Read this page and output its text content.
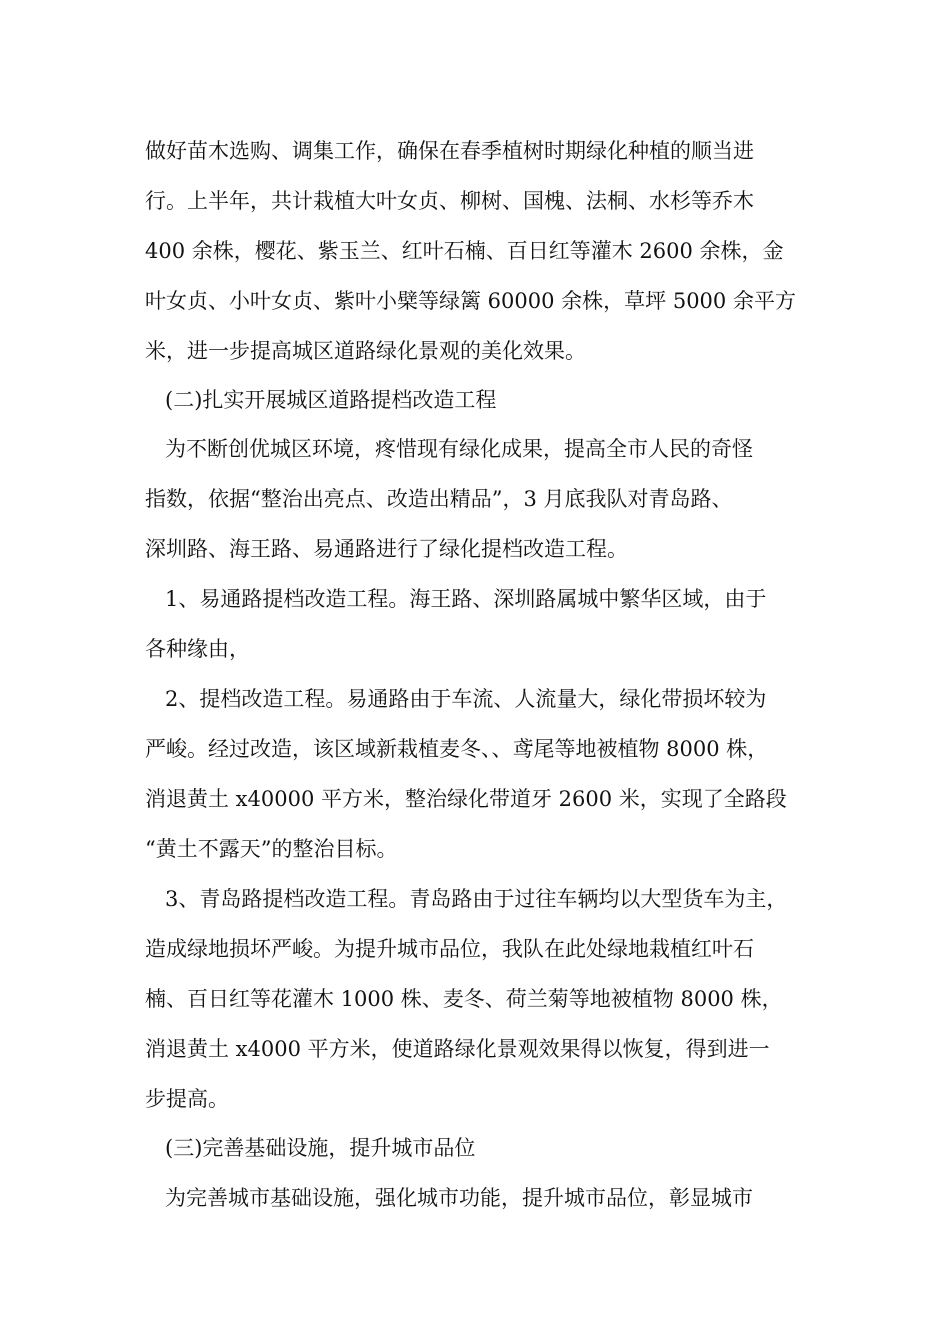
做好苗木选购、调集工作，确保在春季植树时期绿化种植的顺当进
行。上半年，共计栽植大叶女贞、柳树、国槐、法桐、水杉等乔木
400 余株，樱花、紫玉兰、红叶石楠、百日红等灌木 2600 余株，金
叶女贞、小叶女贞、紫叶小檗等绿篱 60000 余株，草坪 5000 余平方
米，进一步提高城区道路绿化景观的美化效果。
(二)扎实开展城区道路提档改造工程
为不断创优城区环境，疼惜现有绿化成果，提高全市人民的奇怪
指数，依据“整治出亮点、改造出精品”，3 月底我队对青岛路、
深圳路、海王路、易通路进行了绿化提档改造工程。
1、易通路提档改造工程。海王路、深圳路属城中繁华区域，由于
各种缘由，
2、提档改造工程。易通路由于车流、人流量大，绿化带损坏较为
严峻。经过改造，该区域新栽植麦冬、、鸢尾等地被植物 8000 株，
消退黄土 x40000 平方米，整治绿化带道牙 2600 米，实现了全路段
“黄土不露天”的整治目标。
3、青岛路提档改造工程。青岛路由于过往车辆均以大型货车为主，
造成绿地损坏严峻。为提升城市品位，我队在此处绿地栽植红叶石
楠、百日红等花灌木 1000 株、麦冬、荷兰菊等地被植物 8000 株，
消退黄土 x4000 平方米，使道路绿化景观效果得以恢复，得到进一
步提高。
(三)完善基础设施，提升城市品位
为完善城市基础设施，强化城市功能，提升城市品位，彰显城市
